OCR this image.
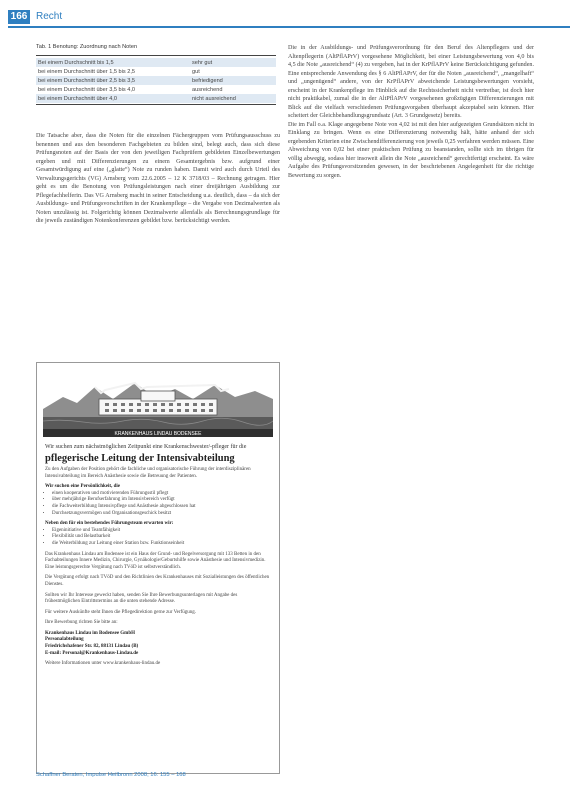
166 Recht
Tab. 1 Benotung: Zuordnung nach Noten
Bei einem Durchschnitt bis 1,5	sehr gut
bei einem Durchschnitt über 1,5 bis 2,5	gut
bei einem Durchschnitt über 2,5 bis 3,5	befriedigend
bei einem Durchschnitt über 3,5 bis 4,0	ausreichend
bei einem Durchschnitt über 4,0	nicht ausreichend

Die Tatsache aber, dass die Noten für die einzelnen Fächergruppen vom Prüfungsausschuss zu benennen und aus den besonderen Fachgebieten zu bilden sind, belegt auch, dass sich diese Prüfungsnoten auf der Basis der von den jeweiligen Fachprüfern gebildeten Einzelbewertungen ergeben und mit Differenzierungen zu einem Gesamtergebnis bzw. aufgrund einer Gesamtwürdigung auf eine („glatte“) Note zu runden haben. Damit wird auch durch Urteil des Verwaltungsgerichts (VG) Arnsberg vom 22.6.2005 – 12 K 3718/03 – Rechnung getragen. Hier geht es um die Benotung von Prüfungsleistungen nach einer dreijährigen Ausbildung zur Pflegefachhelferin. Das VG Arnsberg macht in seiner Entscheidung u.a. deutlich, dass – da sich der Ausbildungs- und Prüfungsvorschriften in der Krankenpflege – die Vergabe von Dezimalwerten als Noten unzulässig ist. Folgerichtig können Dezimalwerte allenfalls als Berechnungsgrundlage für die jeweils zuständigen Notenkonferenzen gebildet bzw. berücksichtigt werden.

Die in der Ausbildungs- und Prüfungsverordnung für den Beruf des Altenpflegers und der Altenpflegerin (AltPflAPrV) vorgesehene Möglichkeit, bei einer Leistungsbewertung von 4,0 bis 4,5 die Note „ausreichend“ (4) zu vergeben, hat in der KrPflAPrV keine Berücksichtigung gefunden. Eine entsprechende Anwendung des § 6 AltPflAPrV, der für die Noten „ausreichend“, „mangelhaft“ und „ungenügend“ andere, von der KrPflAPrV abweichende Leistungsbewertungen vorsieht, erscheint in der Krankenpflege im Hinblick auf die Rechtssicherheit nicht vertretbar, ist doch hier nicht praktikabel, zumal die in der AltPflAPrV vorgesehenen großzügigen Differenzierungen mit Blick auf die vielfach verschiedenen Prüfungsvorgaben überhaupt akzeptabel sein können. Hier scheitert der Gleichbehandlungsgrundsatz (Art. 3 Grundgesetz) bereits.

Die im Fall o.a. Klage angegebene Note von 4,02 ist mit den hier aufgezeigten Grundsätzen nicht in Einklang zu bringen. Wenn es eine Differenzierung notwendig hält, hätte anhand der sich ergebenden Kriterien eine Zwischendifferenzierung von jeweils 0,25 verfahren werden müssen. Eine Abweichung von 0,02 bei einer praktischen Prüfung zu beanstanden, sollte sich im übrigen für völlig abwegig, sodass hier insoweit allein die Note „ausreichend“ gerechtfertigt erscheint. Es wäre Aufgabe des Prüfungsvorsitzenden gewesen, in der beschriebenen Angelegenheit für die richtige Bewertung zu sorgen.

KRANKENHAUS LINDAU BODENSEE

Wir suchen zum nächstmöglichen Zeitpunkt eine Krankenschwester/-pfleger für die

pflegerische Leitung der Intensivabteilung

Zu den Aufgaben der Position gehört die fachliche und organisatorische Führung der interdisziplinären Intensivabteilung im Bereich Anästhesie sowie die Betreuung der Patienten.

Wir suchen eine Persönlichkeit, die

• einen kooperativen und motivierenden Führungsstil pflegt
• über mehrjährige Berufserfahrung im Intensivbereich verfügt
• die Fachweiterbildung Intensivpflege und Anästhesie abgeschlossen hat
• Durchsetzungsvermögen und Organisationsgeschick besitzt

Neben den für ein bestehendes Führungsteam erwarten wir:

• Eigeninitiative und Teamfähigkeit
• Flexibilität und Belastbarkeit
• die Weiterbildung zur Leitung einer Station bzw. Funktionseinheit

Das Krankenhaus Lindau am Bodensee ist ein Haus der Grund- und Regelversorgung mit 133 Betten in den Fachabteilungen Innere Medizin, Chirurgie, Gynäkologie/Geburtshilfe sowie Anästhesie und Intensivmedizin. Eine leistungsgerechte Vergütung nach TVöD ist selbstverständlich.

Die Vergütung erfolgt nach TVöD und den Richtlinien des Krankenhauses mit Sozialleistungen des öffentlichen Dienstes.

Sollten wir Ihr Interesse geweckt haben, senden Sie Ihre Bewerbungsunterlagen mit Angabe des frühestmöglichen Eintrittstermins an die unten stehende Adresse.

Für weitere Auskünfte steht Ihnen die Pflegedirektion gerne zur Verfügung.

Ihre Bewerbung richten Sie bitte an:

Krankenhaus Lindau im Bodensee GmbH

Personalabteilung

Friedrichshafener Str. 82, 88131 Lindau (B)

E-mail: Personal@Krankenhaus-Lindau.de

Weitere Informationen unter www.krankenhaus-lindau.de

Schaffner Beraten, Impulse Heilbronn 2008; 16: 155 – 168
